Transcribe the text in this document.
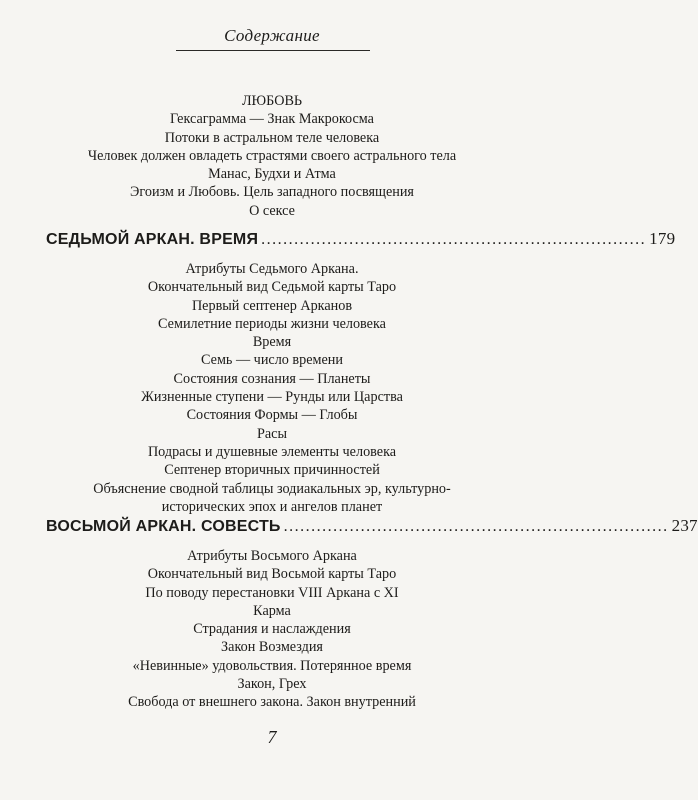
Содержание
ЛЮБОВЬ
Гексаграмма — Знак Макрокосма
Потоки в астральном теле человека
Человек должен овладеть страстями своего астрального тела
Манас, Будхи и Атма
Эгоизм и Любовь. Цель западного посвящения
О сексе
СЕДЬМОЙ АРКАН. ВРЕМЯ ...................................................................... 179
Атрибуты Седьмого Аркана.
Окончательный вид Седьмой карты Таро
Первый септенер Арканов
Семилетние периоды жизни человека
Время
Семь — число времени
Состояния сознания — Планеты
Жизненные ступени — Рунды или Царства
Состояния Формы — Глобы
Расы
Подрасы и душевные элементы человека
Септенер вторичных причинностей
Объяснение сводной таблицы зодиакальных эр, культурно-исторических эпох и ангелов планет
ВОСЬМОЙ АРКАН. СОВЕСТЬ ...................................................................... 237
Атрибуты Восьмого Аркана
Окончательный вид Восьмой карты Таро
По поводу перестановки VIII Аркана с XI
Карма
Страдания и наслаждения
Закон Возмездия
«Невинные» удовольствия. Потерянное время
Закон, Грех
Свобода от внешнего закона. Закон внутренний
7
